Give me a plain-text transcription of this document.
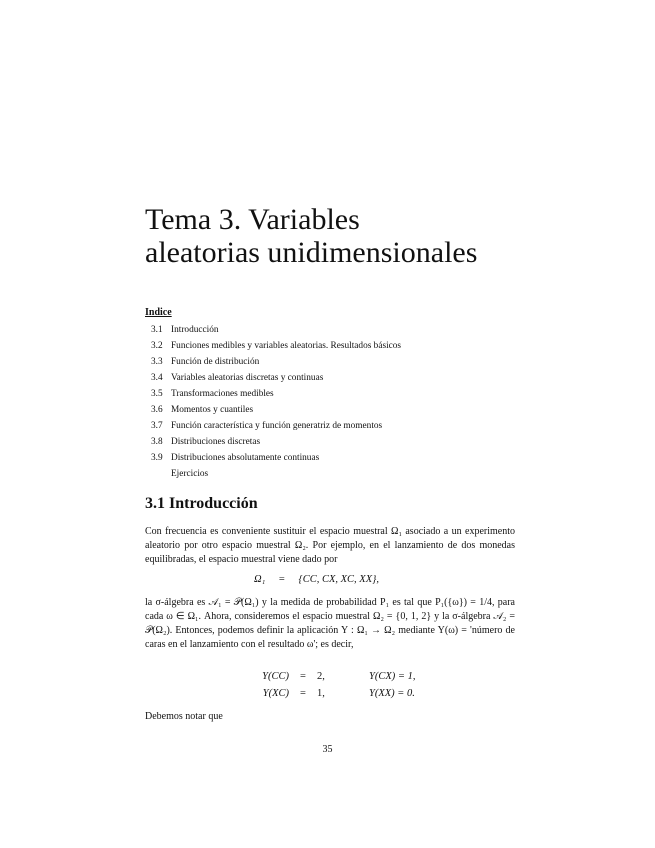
Tema 3. Variables
aleatorias unidimensionales
Indice
3.1 Introducción
3.2 Funciones medibles y variables aleatorias. Resultados básicos
3.3 Función de distribución
3.4 Variables aleatorias discretas y continuas
3.5 Transformaciones medibles
3.6 Momentos y cuantiles
3.7 Función característica y función generatriz de momentos
3.8 Distribuciones discretas
3.9 Distribuciones absolutamente continuas
Ejercicios
3.1 Introducción

Con frecuencia es conveniente sustituir el espacio muestral Ω₁ asociado a un experimento aleatorio por otro espacio muestral Ω₂. Por ejemplo, en el lanzamiento de dos monedas equilibradas, el espacio muestral viene dado por

Ω₁ = {CC, CX, XC, XX},

la σ-álgebra es 𝒜₁ = 𝒫(Ω₁) y la medida de probabilidad P₁ es tal que P₁({ω}) = 1/4, para cada ω ∈ Ω₁. Ahora, consideremos el espacio muestral Ω₂ = {0, 1, 2} y la σ-álgebra 𝒜₂ = 𝒫(Ω₂). Entonces, podemos definir la aplicación Y : Ω₁ → Ω₂ mediante Y(ω) = 'número de caras en el lanzamiento con el resultado ω'; es decir,

Y(CC)	=	2,	Y(CX) = 1,
Y(XC)	=	1,	Y(XX) = 0.

Debemos notar que

35
